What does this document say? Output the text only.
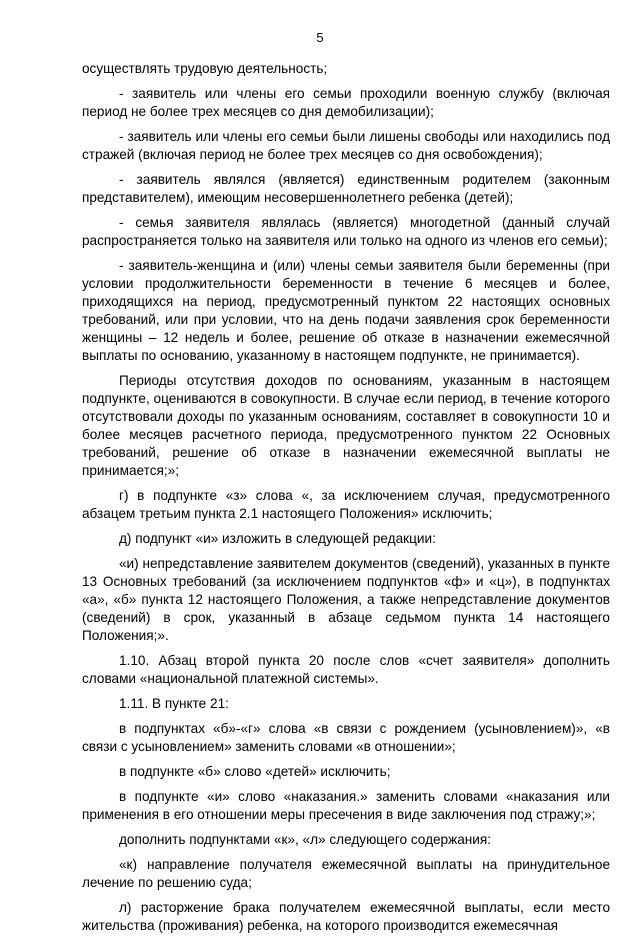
5

осуществлять трудовую деятельность;

- заявитель или члены его семьи проходили военную службу (включая период не более трех месяцев со дня демобилизации);

- заявитель или члены его семьи были лишены свободы или находились под стражей (включая период не более трех месяцев со дня освобождения);

- заявитель являлся (является) единственным родителем (законным представителем), имеющим несовершеннолетнего ребенка (детей);

- семья заявителя являлась (является) многодетной (данный случай распространяется только на заявителя или только на одного из членов его семьи);

- заявитель-женщина и (или) члены семьи заявителя были беременны (при условии продолжительности беременности в течение 6 месяцев и более, приходящихся на период, предусмотренный пунктом 22 настоящих основных требований, или при условии, что на день подачи заявления срок беременности женщины – 12 недель и более, решение об отказе в назначении ежемесячной выплаты по основанию, указанному в настоящем подпункте, не принимается).

Периоды отсутствия доходов по основаниям, указанным в настоящем подпункте, оцениваются в совокупности. В случае если период, в течение которого отсутствовали доходы по указанным основаниям, составляет в совокупности 10 и более месяцев расчетного периода, предусмотренного пунктом 22 Основных требований, решение об отказе в назначении ежемесячной выплаты не принимается;»;

г) в подпункте «з» слова «, за исключением случая, предусмотренного абзацем третьим пункта 2.1 настоящего Положения» исключить;

д) подпункт «и» изложить в следующей редакции:

«и) непредставление заявителем документов (сведений), указанных в пункте 13 Основных требований (за исключением подпунктов «ф» и «ц»), в подпунктах «а», «б» пункта 12 настоящего Положения, а также непредставление документов (сведений) в срок, указанный в абзаце седьмом пункта 14 настоящего Положения;».

1.10. Абзац второй пункта 20 после слов «счет заявителя» дополнить словами «национальной платежной системы».

1.11. В пункте 21:

в подпунктах «б»-«г» слова «в связи с рождением (усыновлением)», «в связи с усыновлением» заменить словами «в отношении»;

в подпункте «б» слово «детей» исключить;

в подпункте «и» слово «наказания.» заменить словами «наказания или применения в его отношении меры пресечения в виде заключения под стражу;»;

дополнить подпунктами «к», «л» следующего содержания:

«к) направление получателя ежемесячной выплаты на принудительное лечение по решению суда;

л) расторжение брака получателем ежемесячной выплаты, если место жительства (проживания) ребенка, на которого производится ежемесячная
